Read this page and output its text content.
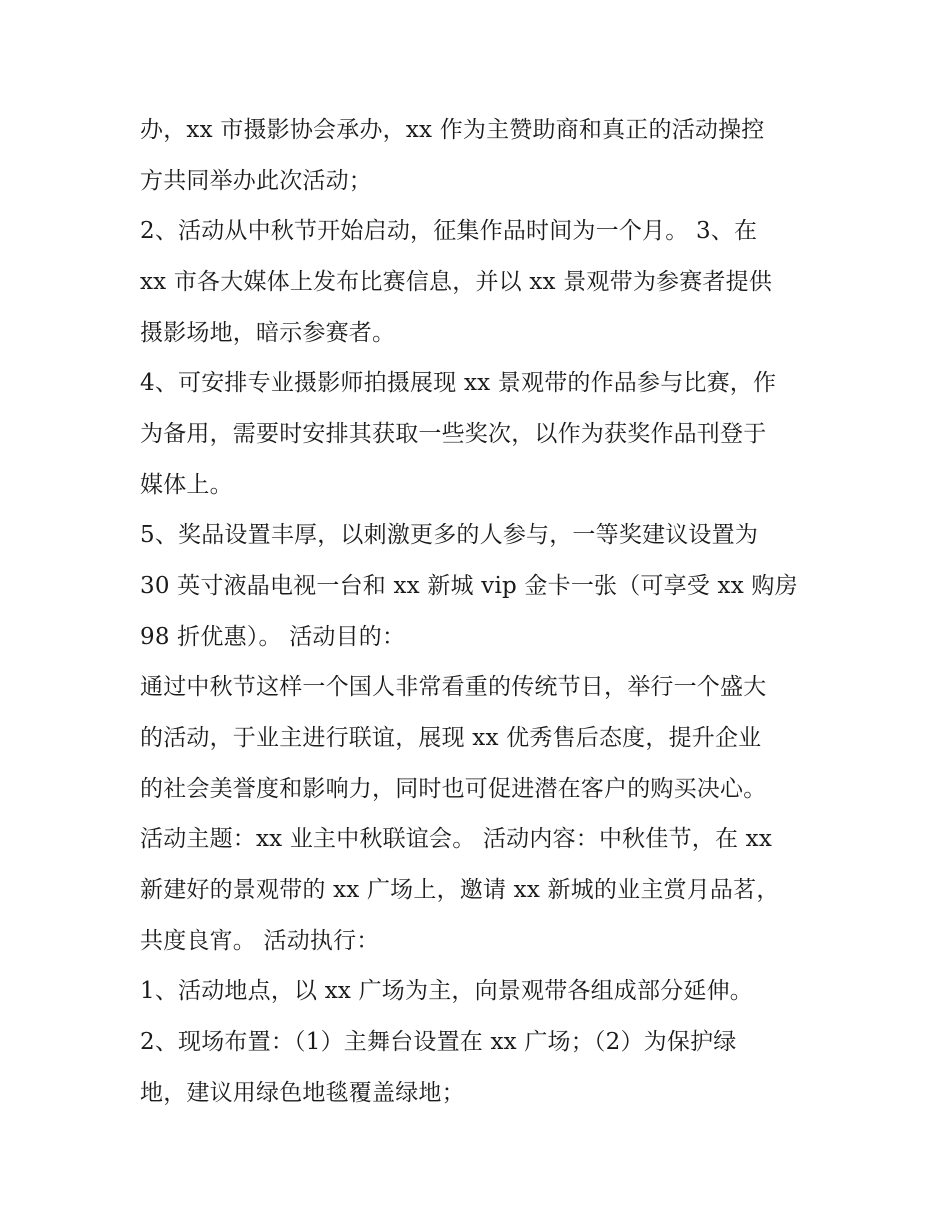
办，xx 市摄影协会承办，xx 作为主赞助商和真正的活动操控

方共同举办此次活动；

2、活动从中秋节开始启动，征集作品时间为一个月。 3、在

xx 市各大媒体上发布比赛信息，并以 xx 景观带为参赛者提供

摄影场地，暗示参赛者。

4、可安排专业摄影师拍摄展现 xx 景观带的作品参与比赛，作

为备用，需要时安排其获取一些奖次，以作为获奖作品刊登于

媒体上。

5、奖品设置丰厚，以刺激更多的人参与，一等奖建议设置为

30 英寸液晶电视一台和 xx 新城 vip 金卡一张（可享受 xx 购房

98 折优惠）。 活动目的：

通过中秋节这样一个国人非常看重的传统节日，举行一个盛大

的活动，于业主进行联谊，展现 xx 优秀售后态度，提升企业

的社会美誉度和影响力，同时也可促进潜在客户的购买决心。

活动主题：xx 业主中秋联谊会。 活动内容：中秋佳节，在 xx

新建好的景观带的 xx 广场上，邀请 xx 新城的业主赏月品茗，

共度良宵。 活动执行：

1、活动地点，以 xx 广场为主，向景观带各组成部分延伸。

2、现场布置：（1）主舞台设置在 xx 广场；（2）为保护绿

地，建议用绿色地毯覆盖绿地；
